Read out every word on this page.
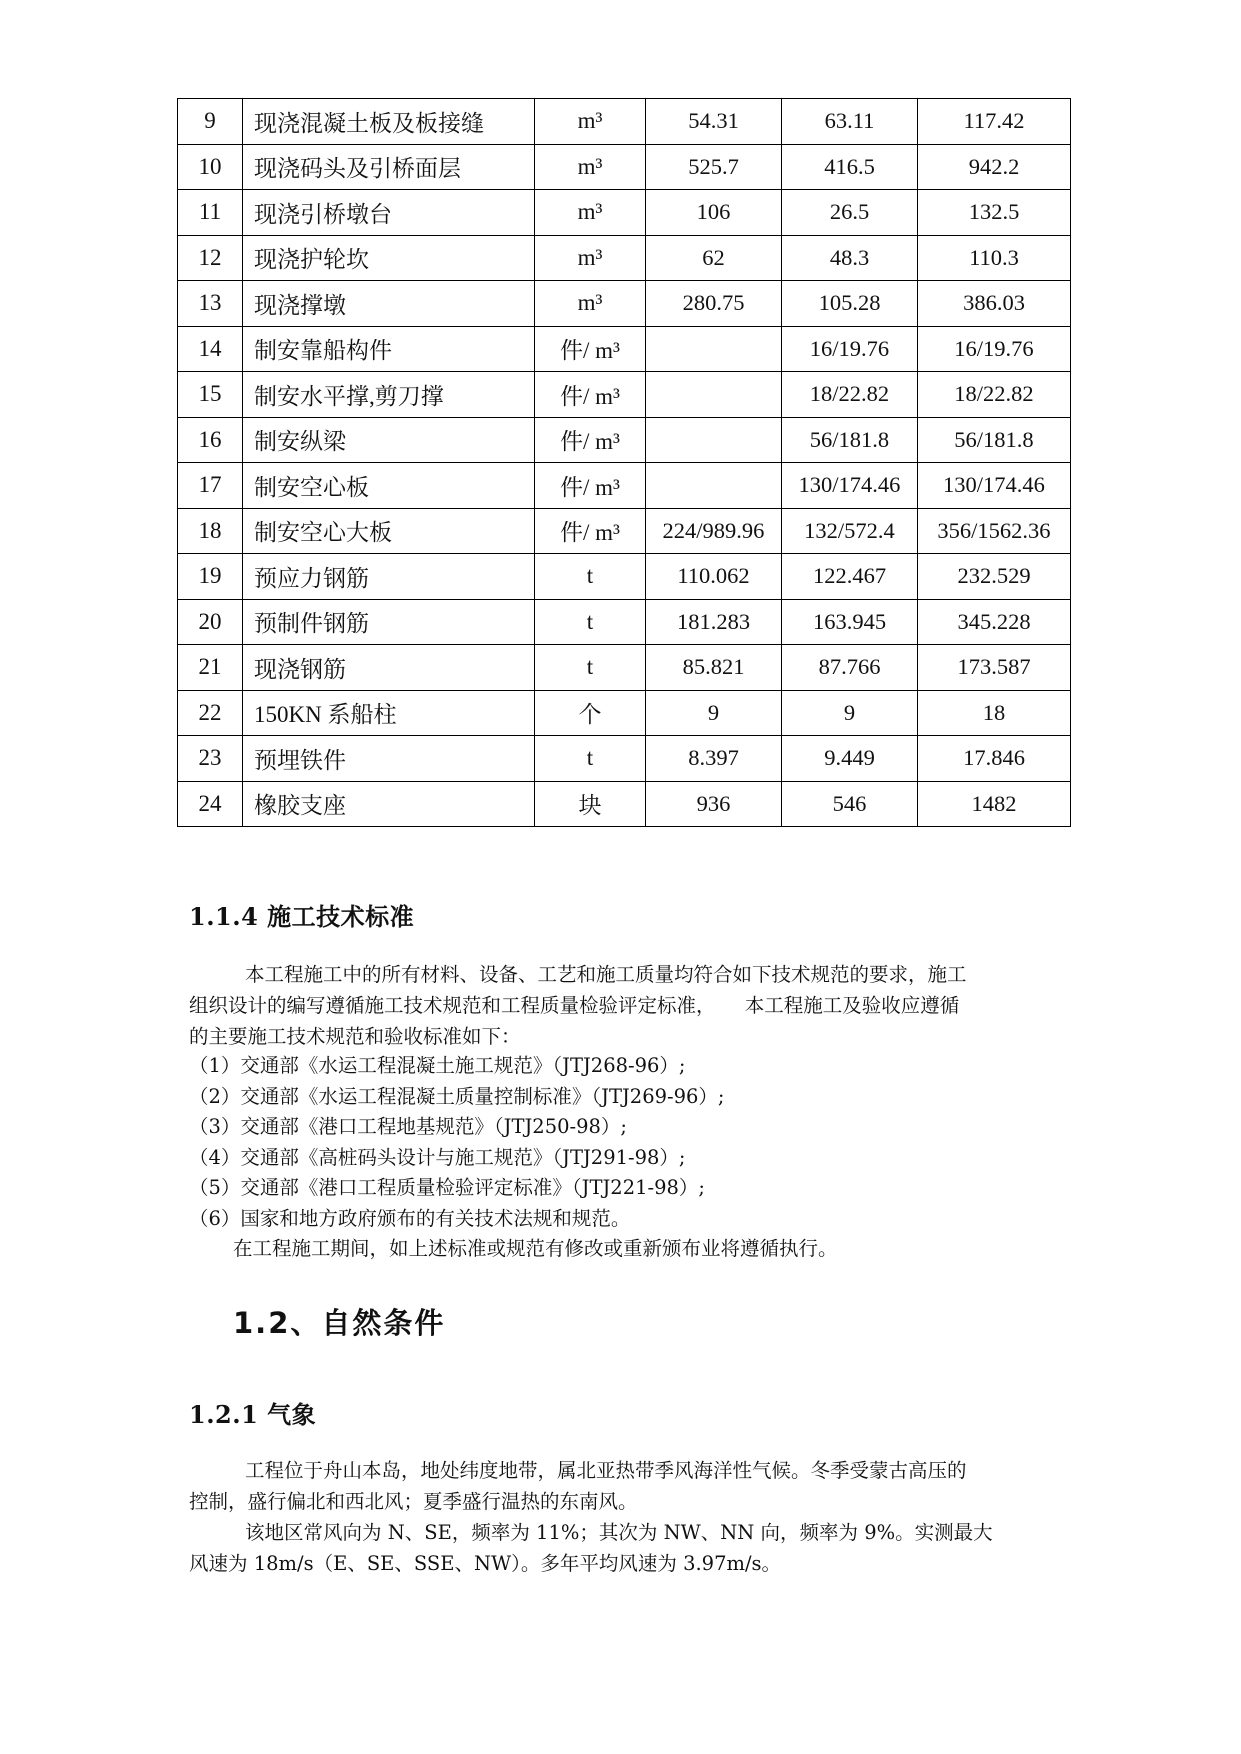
9	现浇混凝土板及板接缝	m³	54.31	63.11	117.42
10	现浇码头及引桥面层	m³	525.7	416.5	942.2
11	现浇引桥墩台	m³	106	26.5	132.5
12	现浇护轮坎	m³	62	48.3	110.3
13	现浇撑墩	m³	280.75	105.28	386.03
14	制安靠船构件	件/ m³		16/19.76	16/19.76
15	制安水平撑,剪刀撑	件/ m³		18/22.82	18/22.82
16	制安纵梁	件/ m³		56/181.8	56/181.8
17	制安空心板	件/ m³		130/174.46	130/174.46
18	制安空心大板	件/ m³	224/989.96	132/572.4	356/1562.36
19	预应力钢筋	t	110.062	122.467	232.529
20	预制件钢筋	t	181.283	163.945	345.228
21	现浇钢筋	t	85.821	87.766	173.587
22	150KN 系船柱	个	9	9	18
23	预埋铁件	t	8.397	9.449	17.846
24	橡胶支座	块	936	546	1482
1.1.4 施工技术标准

本工程施工中的所有材料、设备、工艺和施工质量均符合如下技术规范的要求，施工

组织设计的编写遵循施工技术规范和工程质量检验评定标准，　　本工程施工及验收应遵循

的主要施工技术规范和验收标准如下：

（1）交通部《水运工程混凝土施工规范》（JTJ268-96）;
（2）交通部《水运工程混凝土质量控制标准》（JTJ269-96）;
（3）交通部《港口工程地基规范》（JTJ250-98）;
（4）交通部《高桩码头设计与施工规范》（JTJ291-98）;
（5）交通部《港口工程质量检验评定标准》（JTJ221-98）;
（6）国家和地方政府颁布的有关技术法规和规范。
在工程施工期间，如上述标准或规范有修改或重新颁布业将遵循执行。
1.2、自然条件
1.2.1 气象

工程位于舟山本岛，地处纬度地带，属北亚热带季风海洋性气候。冬季受蒙古高压的

控制，盛行偏北和西北风；夏季盛行温热的东南风。

该地区常风向为 N、SE，频率为 11%；其次为 NW、NN 向，频率为 9%。实测最大

风速为 18m/s（E、SE、SSE、NW）。多年平均风速为 3.97m/s。
